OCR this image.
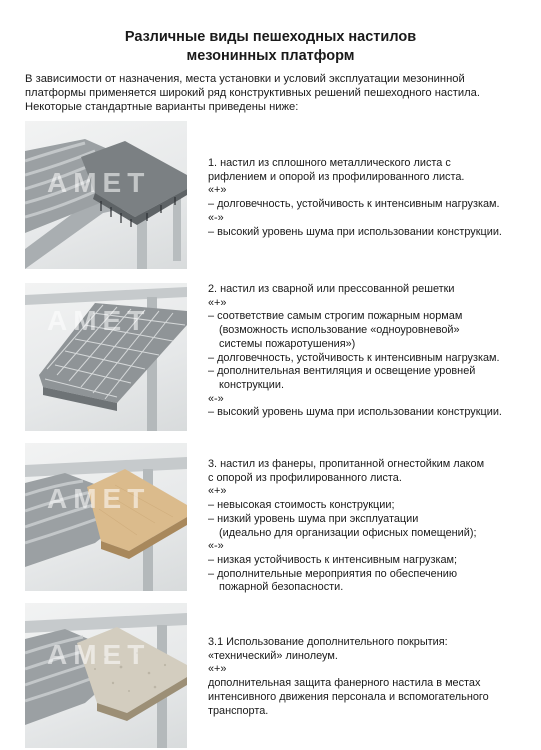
Различные виды пешеходных настилов
мезонинных платформ
В зависимости от назначения, места установки и условий эксплуатации мезонинной
платформы применяется широкий ряд конструктивных решений пешеходного настила.
Некоторые стандартные варианты приведены ниже:
АМЕТ
1. настил из сплошного металлического листа с
рифлением и опорой из профилированного листа.
«+»
– долговечность, устойчивость к интенсивным нагрузкам.
«-»
– высокий уровень шума при использовании конструкции.
АМЕТ
2. настил из сварной или прессованной решетки
«+»
– соответствие самым строгим пожарным нормам
(возможность использование «одноуровневой»
системы пожаротушения»)
– долговечность, устойчивость к интенсивным нагрузкам.
– дополнительная вентиляция и освещение уровней
конструкции.
«-»
– высокий уровень шума при использовании конструкции.
АМЕТ
3. настил из фанеры, пропитанной огнестойким лаком
с опорой из профилированного листа.
«+»
– невысокая стоимость конструкции;
– низкий уровень шума при эксплуатации
(идеально для организации офисных помещений);
«-»
– низкая устойчивость к интенсивным нагрузкам;
– дополнительные мероприятия по обеспечению
пожарной безопасности.
АМЕТ	3.1 Использование дополнительного покрытия:
«технический» линолеум.
«+»
дополнительная защита фанерного настила в местах
интенсивного движения персонала и вспомогательного
транспорта.
